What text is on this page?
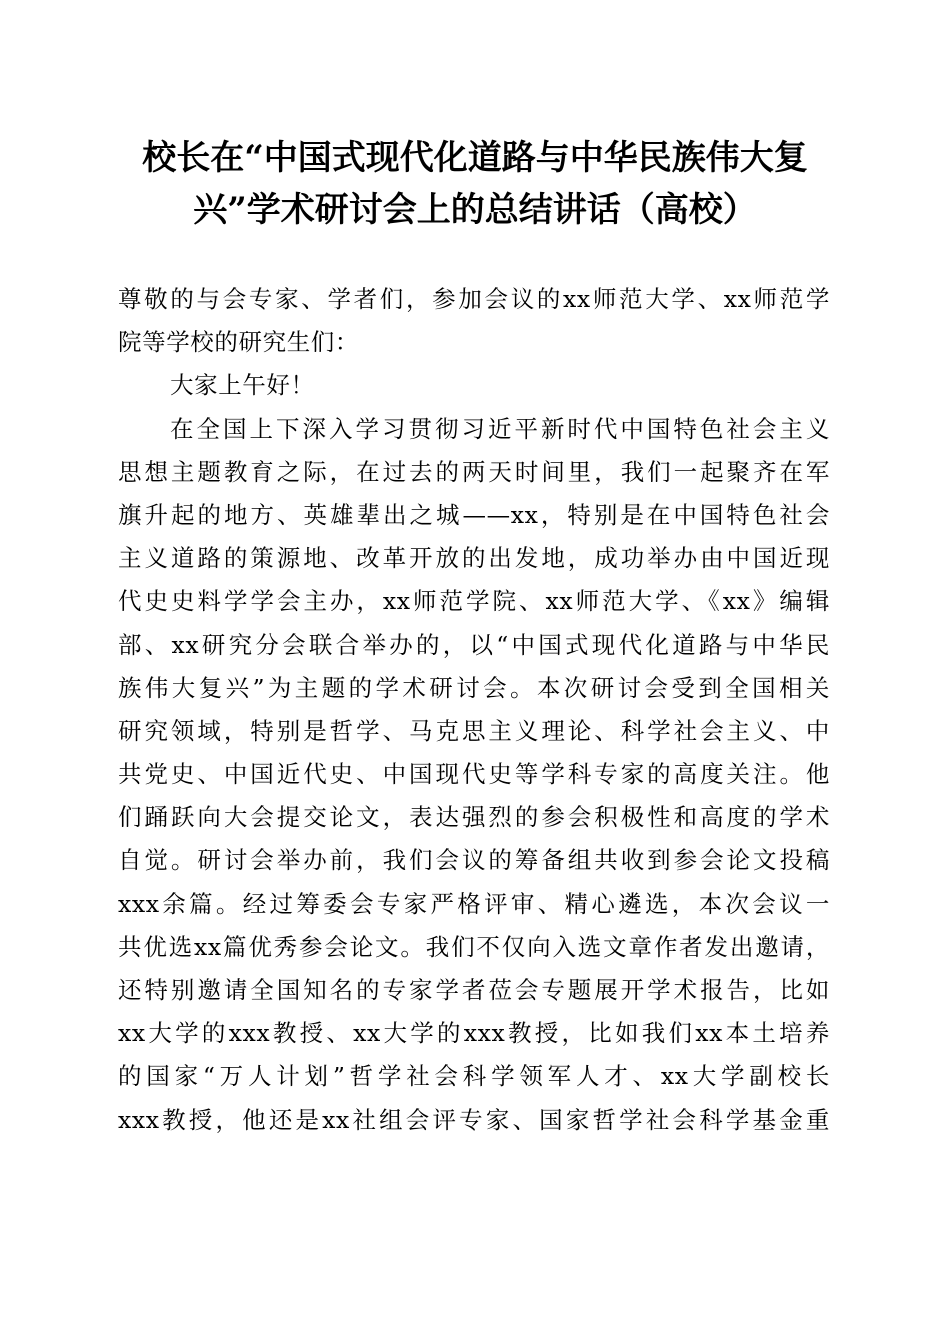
校长在“中国式现代化道路与中华民族伟大复
兴”学术研讨会上的总结讲话（高校）
尊敬的与会专家、学者们，参加会议的xx师范大学、xx师范学
院等学校的研究生们：
大家上午好！
在全国上下深入学习贯彻习近平新时代中国特色社会主义
思想主题教育之际，在过去的两天时间里，我们一起聚齐在军
旗升起的地方、英雄辈出之城——xx，特别是在中国特色社会
主义道路的策源地、改革开放的出发地，成功举办由中国近现
代史史料学学会主办，xx师范学院、xx师范大学、《xx》编辑
部、xx研究分会联合举办的，以“中国式现代化道路与中华民
族伟大复兴”为主题的学术研讨会。本次研讨会受到全国相关
研究领域，特别是哲学、马克思主义理论、科学社会主义、中
共党史、中国近代史、中国现代史等学科专家的高度关注。他
们踊跃向大会提交论文，表达强烈的参会积极性和高度的学术
自觉。研讨会举办前，我们会议的筹备组共收到参会论文投稿
xxx余篇。经过筹委会专家严格评审、精心遴选，本次会议一
共优选xx篇优秀参会论文。我们不仅向入选文章作者发出邀请，
还特别邀请全国知名的专家学者莅会专题展开学术报告，比如
xx大学的xxx教授、xx大学的xxx教授，比如我们xx本土培养
的国家“万人计划”哲学社会科学领军人才、xx大学副校长
xxx教授，他还是xx社组会评专家、国家哲学社会科学基金重
